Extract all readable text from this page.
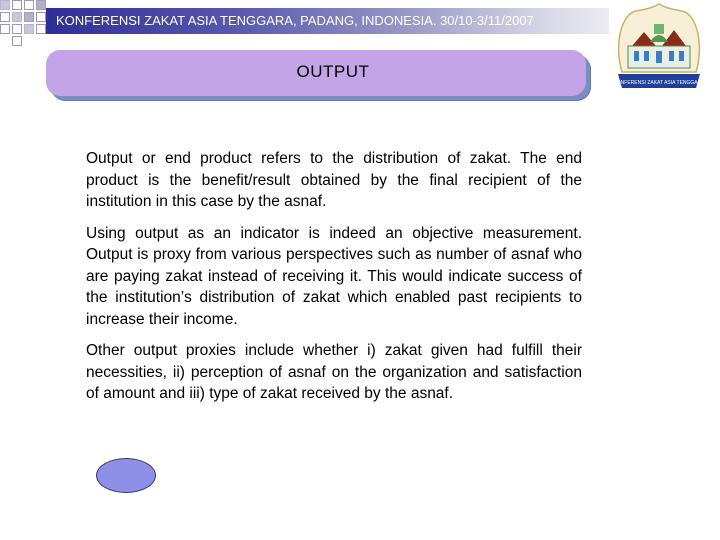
KONFERENSI ZAKAT ASIA TENGGARA, PADANG, INDONESIA. 30/10-3/11/2007
KONFERENSI ZAKAT ASIA TENGGARA
OUTPUT

Output or end product refers to the distribution of zakat. The end product is the benefit/result obtained by the final recipient of the institution in this case by the asnaf.

Using output as an indicator is indeed an objective measurement. Output is proxy from various perspectives such as number of asnaf who are paying zakat instead of receiving it. This would indicate success of the institution’s distribution of zakat which enabled past recipients to increase their income.

Other output proxies include whether i) zakat given had fulfill their necessities, ii) perception of asnaf on the organization and satisfaction of amount and iii) type of zakat received by the asnaf.
